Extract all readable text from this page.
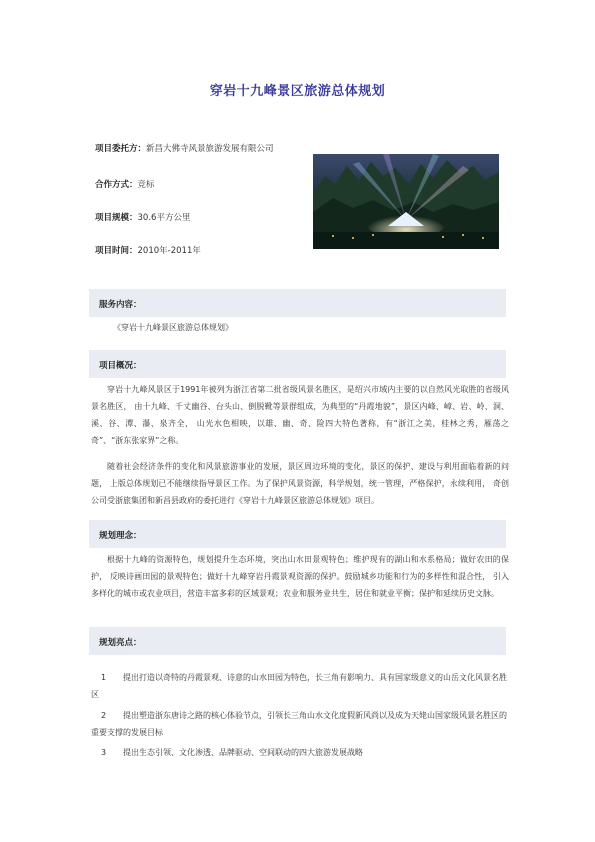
穿岩十九峰景区旅游总体规划
项目委托方：新昌大佛寺风景旅游发展有限公司
合作方式：竞标
项目规模：30.6平方公里
项目时间：2010年-2011年
服务内容：
《穿岩十九峰景区旅游总体规划》
项目概况：
穿岩十九峰风景区于1991年被列为浙江省第二批省级风景名胜区，是绍兴市域内主要的以自然风光取胜的省级风景名胜区， 由十九峰、千丈幽谷、台头山、倒脱靴等景群组成，为典型的“丹霞地貌”，景区内峰、嶂、岩、岭、洞、溪、谷、潭、瀑、泉齐全， 山光水色相映，以雄、幽、奇、险四大特色著称，有“浙江之美，桂林之秀，雁荡之奇”、“浙东张家界”之称。
随着社会经济条件的变化和风景旅游事业的发展，景区周边环境的变化，景区的保护、建设与利用面临着新的问题， 上版总体规划已不能继续指导景区工作。为了保护风景资源，科学规划，统一管理，严格保护，永续利用， 奇创公司受浙旅集团和新昌县政府的委托进行《穿岩十九峰景区旅游总体规划》项目。
规划理念：
根据十九峰的资源特色，规划提升生态环境，突出山水田景观特色；维护现有的湖山和水系格局；做好农田的保护， 反映诗画田园的景观特色；做好十九峰穿岩丹霞景观资源的保护。鼓励城乡功能和行为的多样性和混合性， 引入多样化的城市或农业项目，营造丰富多彩的区域景观；农业和服务业共生，居住和就业平衡；保护和延续历史文脉。
规划亮点：
1 提出打造以奇特的丹霞景观、诗意的山水田园为特色，长三角有影响力、具有国家级意义的山岳文化风景名胜区
2 提出塑造浙东唐诗之路的核心体验节点，引领长三角山水文化度假新风尚以及成为天姥山国家级风景名胜区的重要支撑的发展目标
3 提出生态引领、文化渗透、品牌驱动、空间联动的四大旅游发展战略
